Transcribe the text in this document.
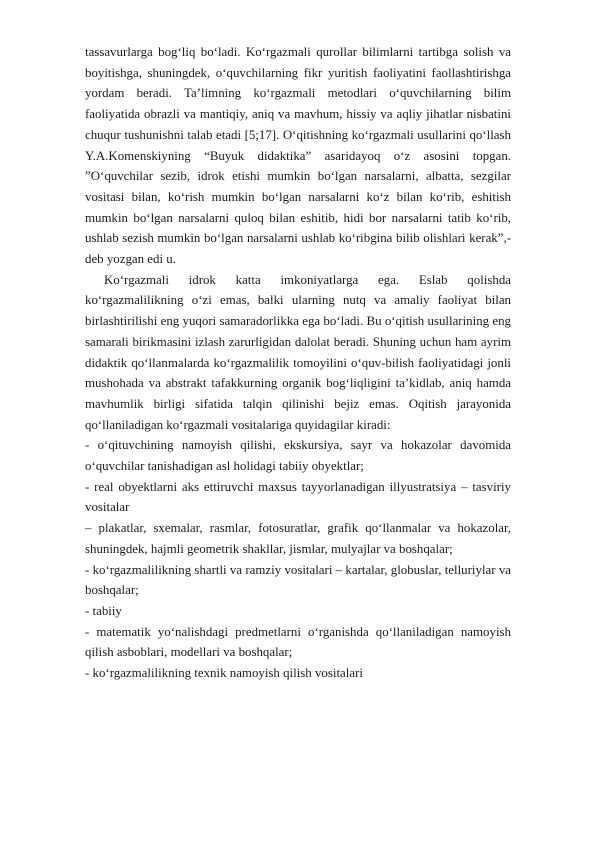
tassavurlarga bog‘liq bo‘ladi. Ko‘rgazmali qurollar bilimlarni tartibga solish va boyitishga, shuningdek, o‘quvchilarning fikr yuritish faoliyatini faollashtirishga yordam beradi. Ta’limning ko‘rgazmali metodlari o‘quvchilarning bilim faoliyatida obrazli va mantiqiy, aniq va mavhum, hissiy va aqliy jihatlar nisbatini chuqur tushunishni talab etadi [5;17]. O‘qitishning ko‘rgazmali usullarini qo‘llash Y.A.Komenskiyning “Buyuk didaktika” asaridayoq o‘z asosini topgan. ”O‘quvchilar sezib, idrok etishi mumkin bo‘lgan narsalarni, albatta, sezgilar vositasi bilan, ko‘rish mumkin bo‘lgan narsalarni ko‘z bilan ko‘rib, eshitish mumkin bo‘lgan narsalarni quloq bilan eshitib, hidi bor narsalarni tatib ko‘rib, ushlab sezish mumkin bo‘lgan narsalarni ushlab ko‘ribgina bilib olishlari kerak”,- deb yozgan edi u.

Ko‘rgazmali idrok katta imkoniyatlarga ega. Eslab qolishda ko‘rgazmalilikning o‘zi emas, balki ularning nutq va amaliy faoliyat bilan birlashtirilishi eng yuqori samaradorlikka ega bo‘ladi. Bu o‘qitish usullarining eng samarali birikmasini izlash zarurligidan dalolat beradi. Shuning uchun ham ayrim didaktik qo‘llanmalarda ko‘rgazmalilik tomoyilini o‘quv-bilish faoliyatidagi jonli mushohada va abstrakt tafakkurning organik bog‘liqligini ta’kidlab, aniq hamda mavhumlik birligi sifatida talqin qilinishi bejiz emas. Oqitish jarayonida qo‘llaniladigan ko‘rgazmali vositalariga quyidagilar kiradi:

- o‘qituvchining namoyish qilishi, ekskursiya, sayr va hokazolar davomida o‘quvchilar tanishadigan asl holidagi tabiiy obyektlar;

- real obyektlarni aks ettiruvchi maxsus tayyorlanadigan illyustratsiya – tasviriy vositalar

– plakatlar, sxemalar, rasmlar, fotosuratlar, grafik qo‘llanmalar va hokazolar, shuningdek, hajmli geometrik shakllar, jismlar, mulyajlar va boshqalar;

- ko‘rgazmalilikning shartli va ramziy vositalari – kartalar, globuslar, telluriylar va boshqalar;

- tabiiy

- matematik yo‘nalishdagi predmetlarni o‘rganishda qo‘llaniladigan namoyish qilish asboblari, modellari va boshqalar;

- ko‘rgazmalilikning texnik namoyish qilish vositalari
